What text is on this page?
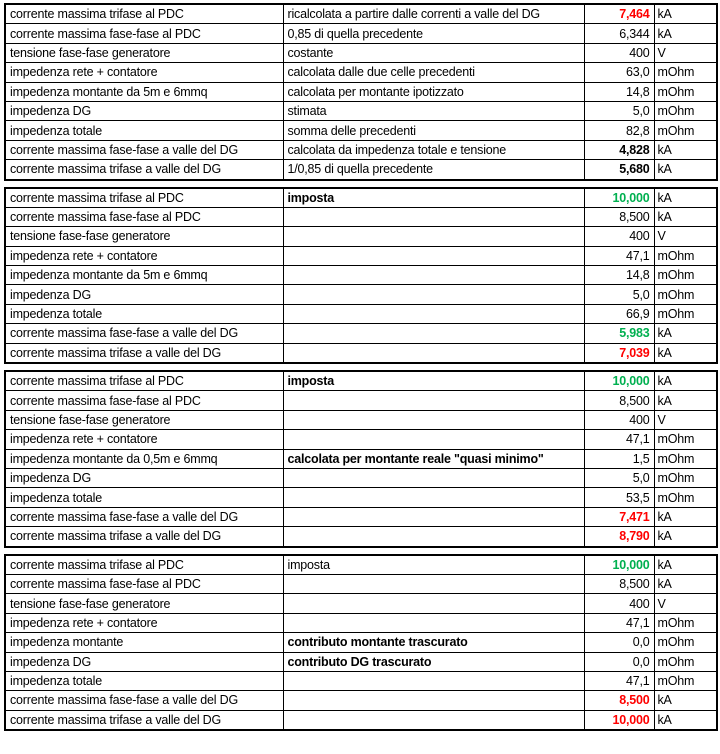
corrente massima trifase al PDC	ricalcolata a partire dalle correnti a valle del DG	7,464	kA
corrente massima fase-fase al PDC	0,85 di quella precedente	6,344	kA
tensione fase-fase generatore	costante	400	V
impedenza rete + contatore	calcolata dalle due celle precedenti	63,0	mOhm
impedenza montante da 5m e 6mmq	calcolata per montante ipotizzato	14,8	mOhm
impedenza DG	stimata	5,0	mOhm
impedenza totale	somma delle precedenti	82,8	mOhm
corrente massima fase-fase a valle del DG	calcolata da impedenza totale e tensione	4,828	kA
corrente massima trifase a valle del DG	1/0,85 di quella precedente	5,680	kA
corrente massima trifase al PDC	imposta	10,000	kA
corrente massima fase-fase al PDC		8,500	kA
tensione fase-fase generatore		400	V
impedenza rete + contatore		47,1	mOhm
impedenza montante da 5m e 6mmq		14,8	mOhm
impedenza DG		5,0	mOhm
impedenza totale		66,9	mOhm
corrente massima fase-fase a valle del DG		5,983	kA
corrente massima trifase a valle del DG		7,039	kA
corrente massima trifase al PDC	imposta	10,000	kA
corrente massima fase-fase al PDC		8,500	kA
tensione fase-fase generatore		400	V
impedenza rete + contatore		47,1	mOhm
impedenza montante da 0,5m e 6mmq	calcolata per montante reale "quasi minimo"	1,5	mOhm
impedenza DG		5,0	mOhm
impedenza totale		53,5	mOhm
corrente massima fase-fase a valle del DG		7,471	kA
corrente massima trifase a valle del DG		8,790	kA
corrente massima trifase al PDC	imposta	10,000	kA
corrente massima fase-fase al PDC		8,500	kA
tensione fase-fase generatore		400	V
impedenza rete + contatore		47,1	mOhm
impedenza montante	contributo montante trascurato	0,0	mOhm
impedenza DG	contributo DG trascurato	0,0	mOhm
impedenza totale		47,1	mOhm
corrente massima fase-fase a valle del DG		8,500	kA
corrente massima trifase a valle del DG		10,000	kA
